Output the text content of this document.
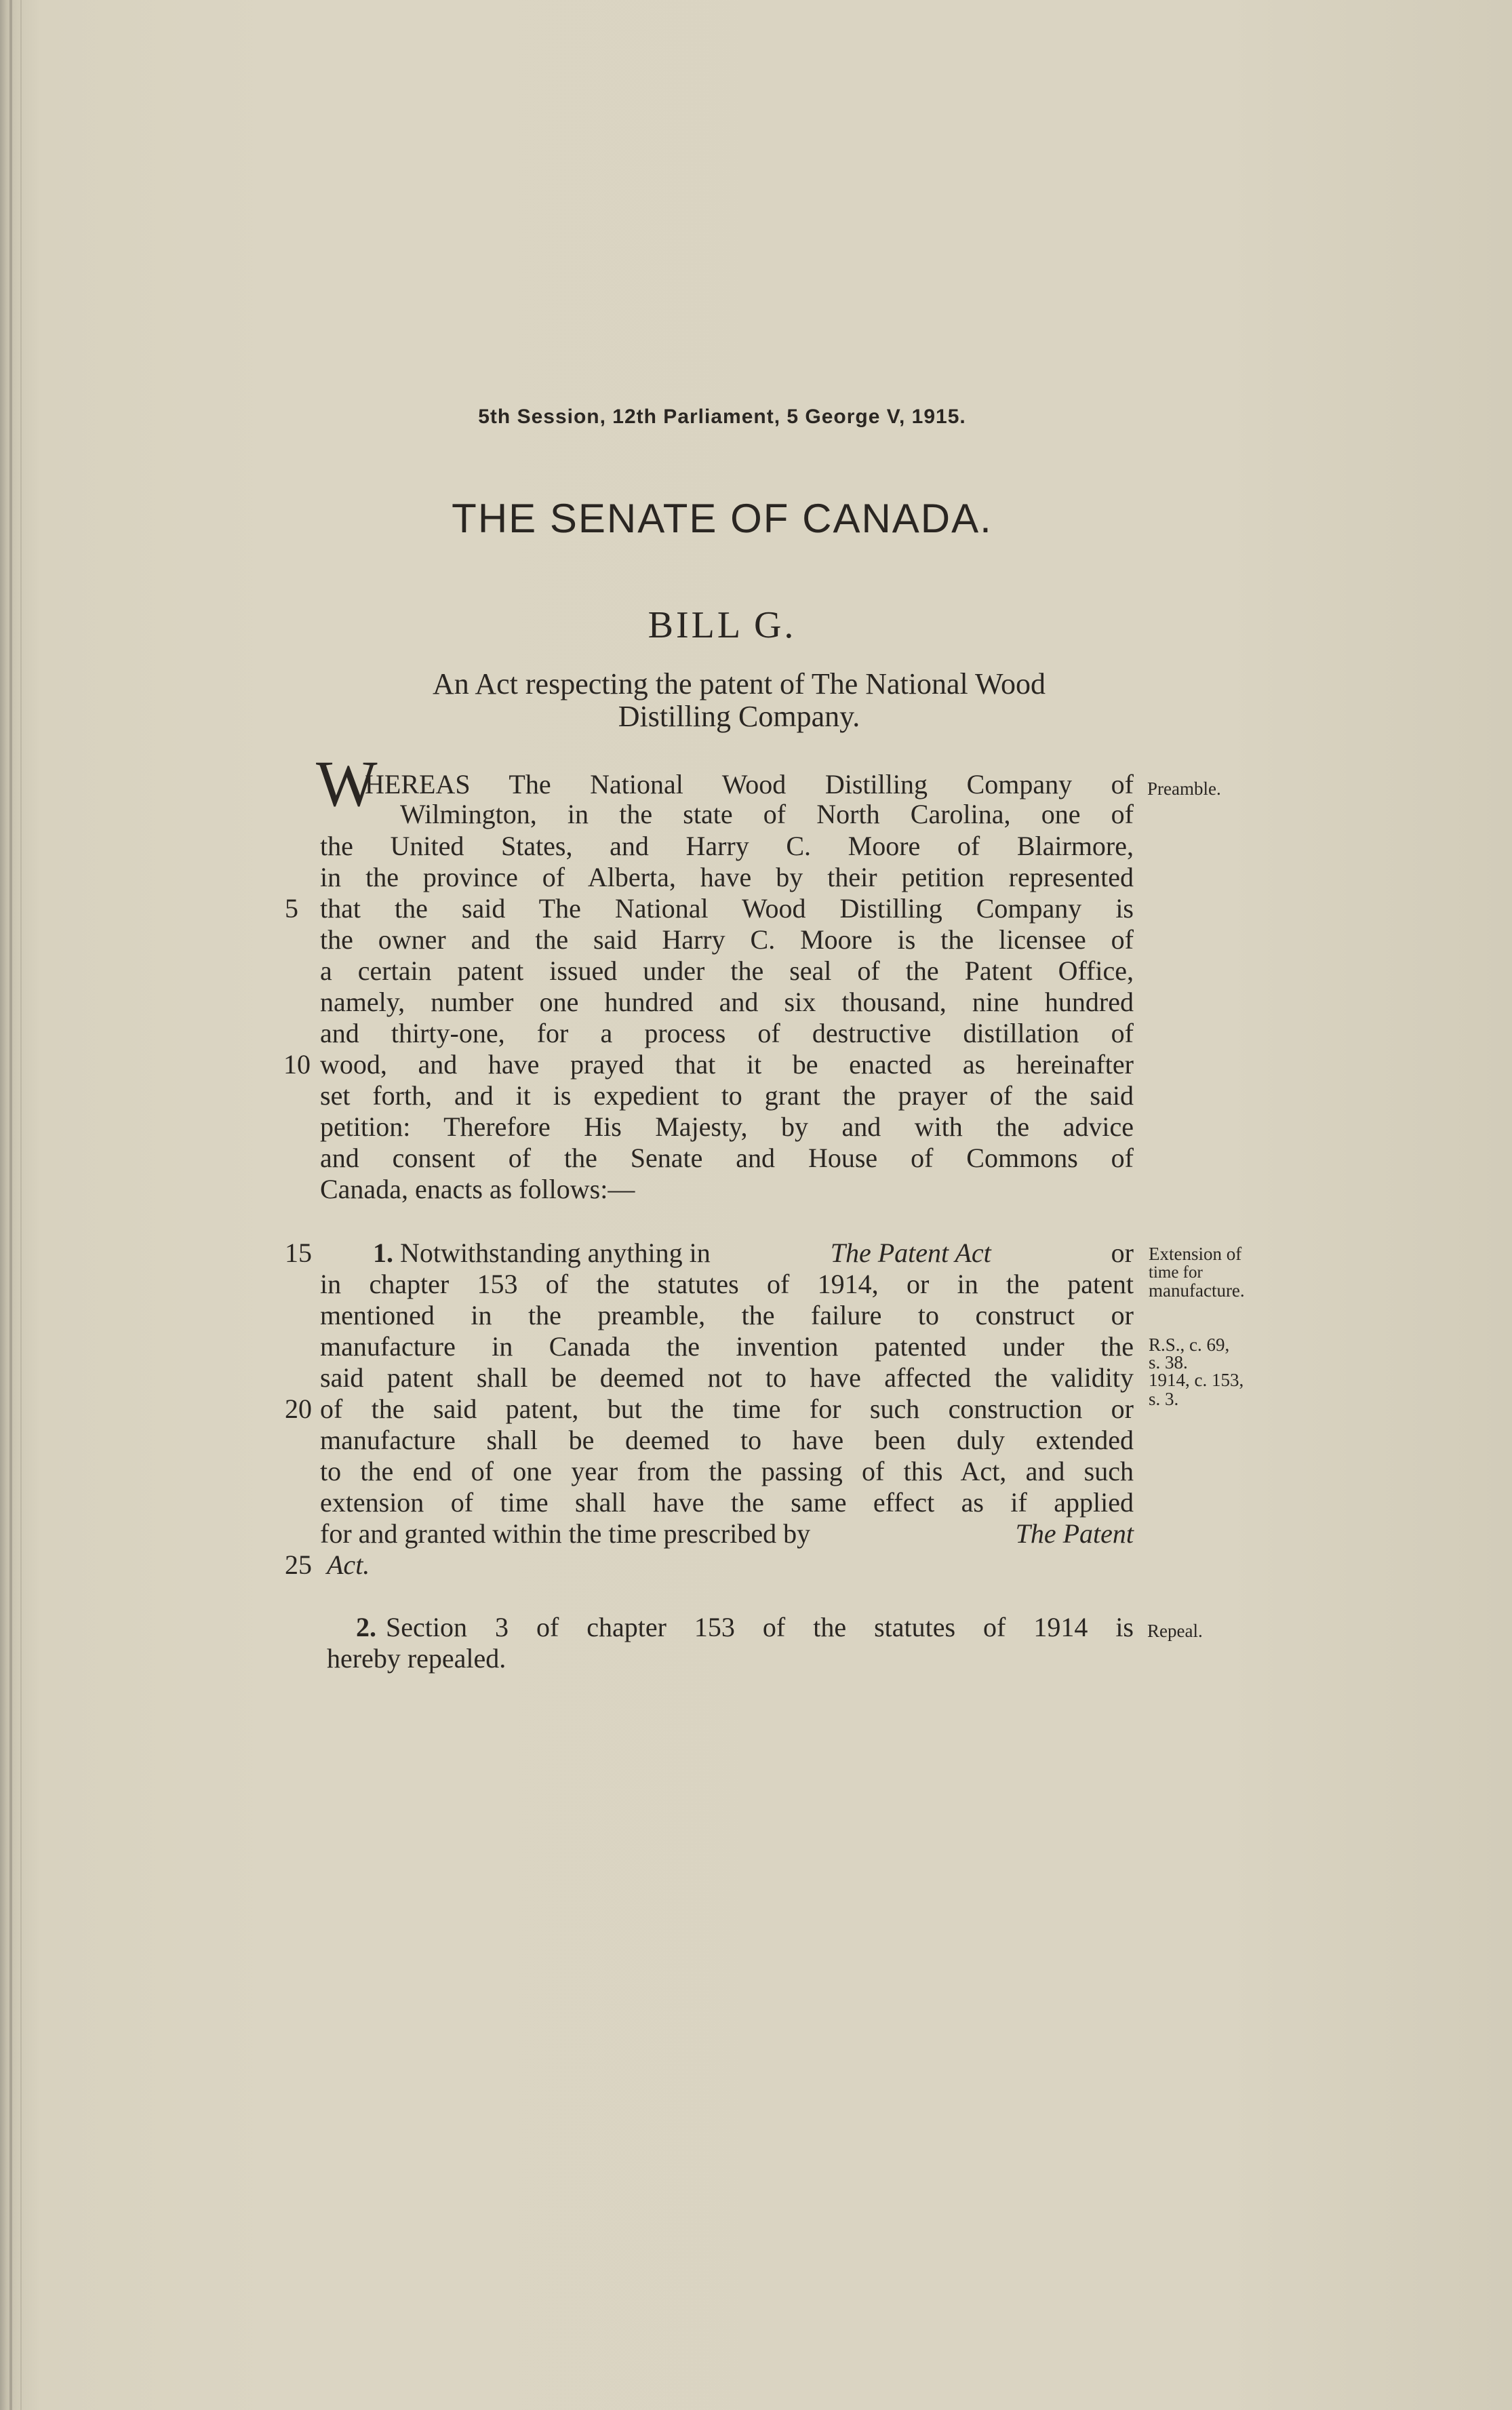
5th Session, 12th Parliament, 5 George V, 1915.
THE SENATE OF CANADA.
BILL G.
An Act respecting the patent of The National Wood
Distilling Company.
W
HEREAS The National Wood Distilling Company of
Wilmington, in the state of North Carolina, one of
the United States, and Harry C. Moore of Blairmore,
in the province of Alberta, have by their petition represented
that the said The National Wood Distilling Company is
the owner and the said Harry C. Moore is the licensee of
a certain patent issued under the seal of the Patent Office,
namely, number one hundred and six thousand, nine hundred
and thirty-one, for a process of destructive distillation of
wood, and have prayed that it be enacted as hereinafter
set forth, and it is expedient to grant the prayer of the said
petition: Therefore His Majesty, by and with the advice
and consent of the Senate and House of Commons of
Canada, enacts as follows:—
1. Notwithstanding anything in	The Patent Act	or
in chapter 153 of the statutes of 1914, or in the patent
mentioned in the preamble, the failure to construct or
manufacture in Canada the invention patented under the
said patent shall be deemed not to have affected the validity
of the said patent, but the time for such construction or
manufacture shall be deemed to have been duly extended
to the end of one year from the passing of this Act, and such
extension of time shall have the same effect as if applied
for and granted within the time prescribed by	The Patent
Act.
2. Section 3 of chapter 153 of the statutes of 1914 is
hereby repealed.
5
10
15
20
25
Preamble.
Extension of
time for
manufacture.
R.S., c. 69,
s. 38.
1914, c. 153,
s. 3.
Repeal.
